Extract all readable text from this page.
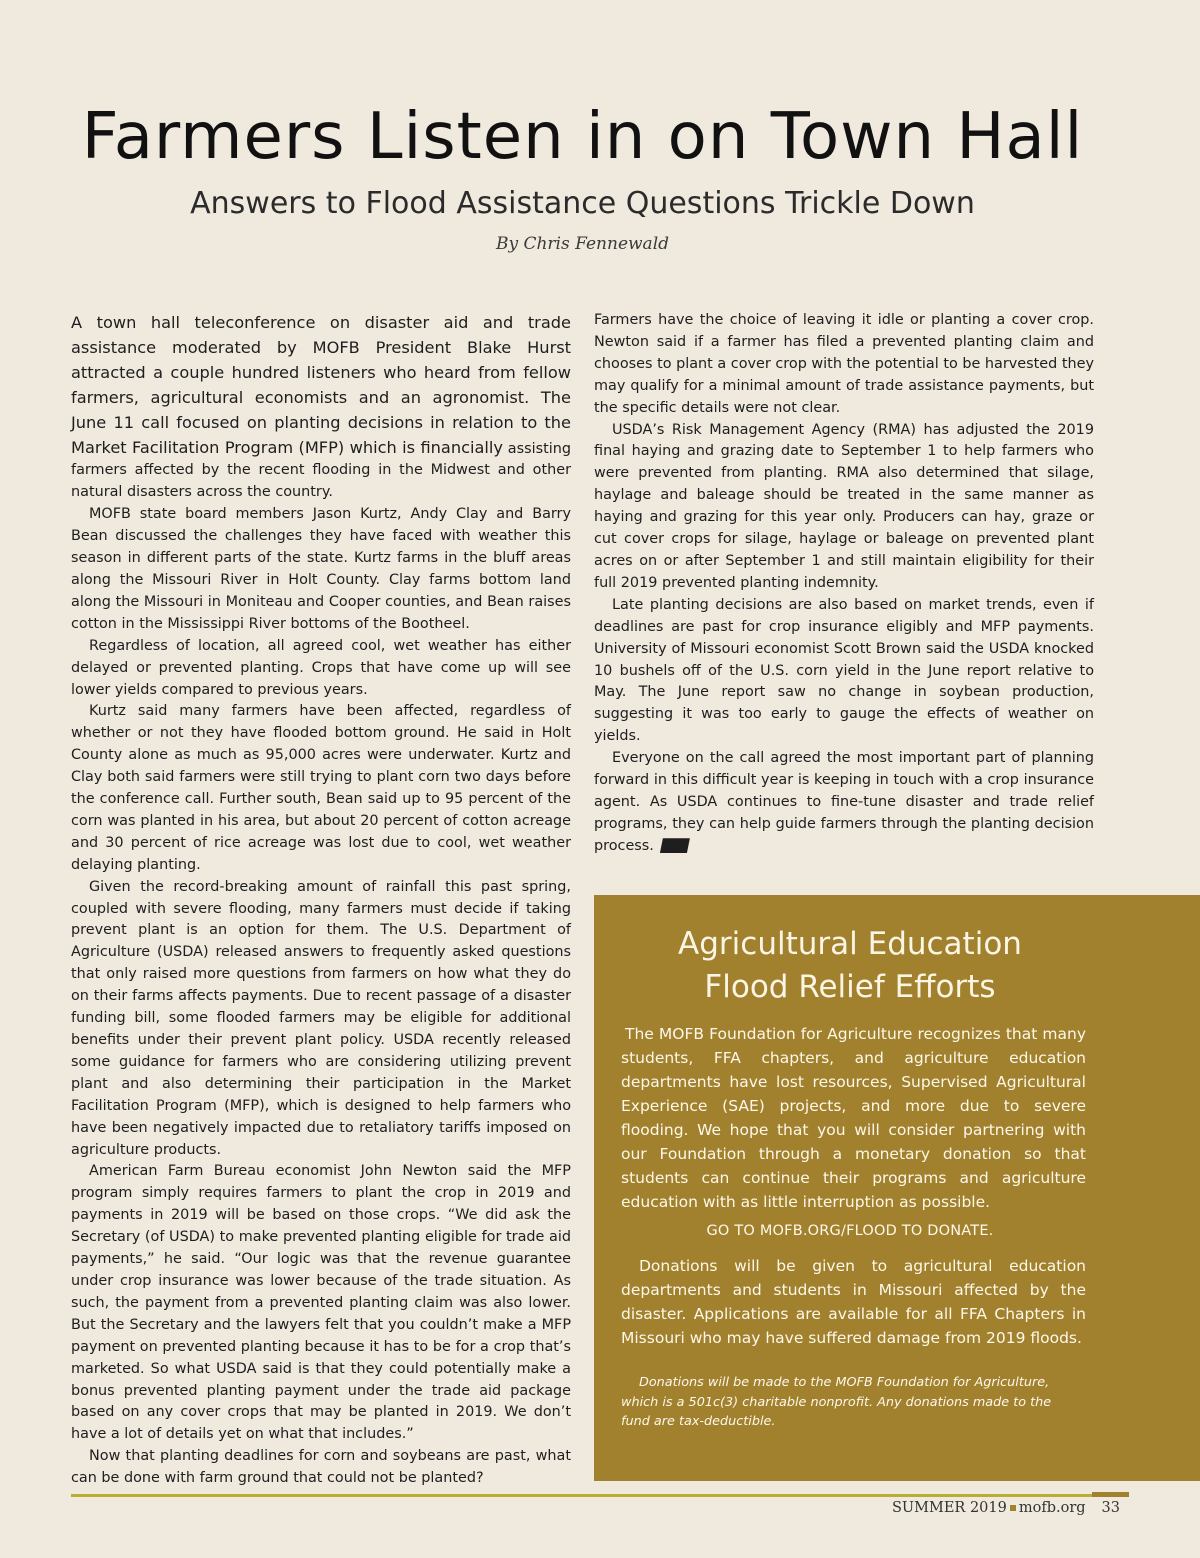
Farmers Listen in on Town Hall
Answers to Flood Assistance Questions Trickle Down
By Chris Fennewald

A town hall teleconference on disaster aid and trade assistance moderated by MOFB President Blake Hurst attracted a couple hundred listeners who heard from fellow farmers, agricultural economists and an agronomist. The June 11 call focused on planting decisions in relation to the Market Facilitation Program (MFP) which is financially assisting farmers affected by the recent flooding in the Midwest and other natural disasters across the country.

MOFB state board members Jason Kurtz, Andy Clay and Barry Bean discussed the challenges they have faced with weather this season in different parts of the state. Kurtz farms in the bluff areas along the Missouri River in Holt County. Clay farms bottom land along the Missouri in Moniteau and Cooper counties, and Bean raises cotton in the Mississippi River bottoms of the Bootheel.

Regardless of location, all agreed cool, wet weather has either delayed or prevented planting. Crops that have come up will see lower yields compared to previous years.

Kurtz said many farmers have been affected, regardless of whether or not they have flooded bottom ground. He said in Holt County alone as much as 95,000 acres were underwater. Kurtz and Clay both said farmers were still trying to plant corn two days before the conference call. Further south, Bean said up to 95 percent of the corn was planted in his area, but about 20 percent of cotton acreage and 30 percent of rice acreage was lost due to cool, wet weather delaying planting.

Given the record-breaking amount of rainfall this past spring, coupled with severe flooding, many farmers must decide if taking prevent plant is an option for them. The U.S. Department of Agriculture (USDA) released answers to frequently asked questions that only raised more questions from farmers on how what they do on their farms affects payments. Due to recent passage of a disaster funding bill, some flooded farmers may be eligible for additional benefits under their prevent plant policy. USDA recently released some guidance for farmers who are considering utilizing prevent plant and also determining their participation in the Market Facilitation Program (MFP), which is designed to help farmers who have been negatively impacted due to retaliatory tariffs imposed on agriculture products.

American Farm Bureau economist John Newton said the MFP program simply requires farmers to plant the crop in 2019 and payments in 2019 will be based on those crops. “We did ask the Secretary (of USDA) to make prevented planting eligible for trade aid payments,” he said. “Our logic was that the revenue guarantee under crop insurance was lower because of the trade situation. As such, the payment from a prevented planting claim was also lower. But the Secretary and the lawyers felt that you couldn’t make a MFP payment on prevented planting because it has to be for a crop that’s marketed. So what USDA said is that they could potentially make a bonus prevented planting payment under the trade aid package based on any cover crops that may be planted in 2019. We don’t have a lot of details yet on what that includes.”

Now that planting deadlines for corn and soybeans are past, what can be done with farm ground that could not be planted?

Farmers have the choice of leaving it idle or planting a cover crop. Newton said if a farmer has filed a prevented planting claim and chooses to plant a cover crop with the potential to be harvested they may qualify for a minimal amount of trade assistance payments, but the specific details were not clear.

USDA’s Risk Management Agency (RMA) has adjusted the 2019 final haying and grazing date to September 1 to help farmers who were prevented from planting. RMA also determined that silage, haylage and baleage should be treated in the same manner as haying and grazing for this year only. Producers can hay, graze or cut cover crops for silage, haylage or baleage on prevented plant acres on or after September 1 and still maintain eligibility for their full 2019 prevented planting indemnity.

Late planting decisions are also based on market trends, even if deadlines are past for crop insurance eligibly and MFP payments. University of Missouri economist Scott Brown said the USDA knocked 10 bushels off of the U.S. corn yield in the June report relative to May. The June report saw no change in soybean production, suggesting it was too early to gauge the effects of weather on yields.

Everyone on the call agreed the most important part of planning forward in this difficult year is keeping in touch with a crop insurance agent. As USDA continues to fine-tune disaster and trade relief programs, they can help guide farmers through the planting decision process.

Agricultural Education
Flood Relief Efforts

The MOFB Foundation for Agriculture recognizes that many students, FFA chapters, and agriculture education departments have lost resources, Supervised Agricultural Experience (SAE) projects, and more due to severe flooding. We hope that you will consider partnering with our Foundation through a monetary donation so that students can continue their programs and agriculture education with as little interruption as possible.

GO TO MOFB.ORG/FLOOD TO DONATE.

Donations will be given to agricultural education departments and students in Missouri affected by the disaster. Applications are available for all FFA Chapters in Missouri who may have suffered damage from 2019 floods.

Donations will be made to the MOFB Foundation for Agriculture, which is a 501c(3) charitable nonprofit. Any donations made to the fund are tax-deductible.
SUMMER 2019 mofb.org 33
